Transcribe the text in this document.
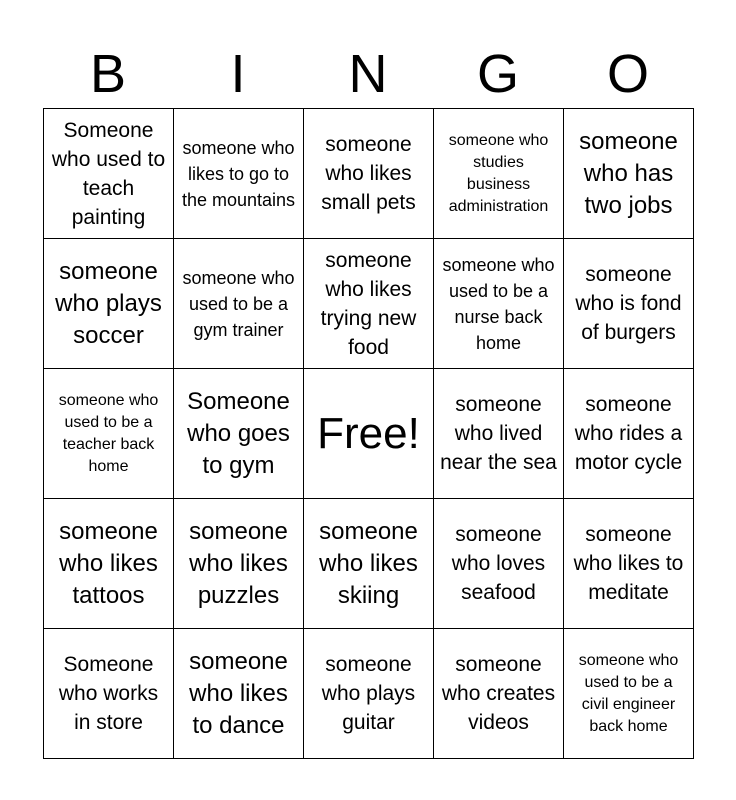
B	I	N	G	O
Someone who used to teach painting	someone who likes to go to the mountains	someone who likes small pets	someone who studies business administration	someone who has two jobs

someone who plays soccer	someone who used to be a gym trainer	someone who likes trying new food	someone who used to be a nurse back home	someone who is fond of burgers

someone who used to be a teacher back home	Someone who goes to gym	Free!	someone who lived near the sea	someone who rides a motor cycle

someone who likes tattoos	someone who likes puzzles	someone who likes skiing	someone who loves seafood	someone who likes to meditate

Someone who works in store	someone who likes to dance	someone who plays guitar	someone who creates videos	someone who used to be a civil engineer back home
